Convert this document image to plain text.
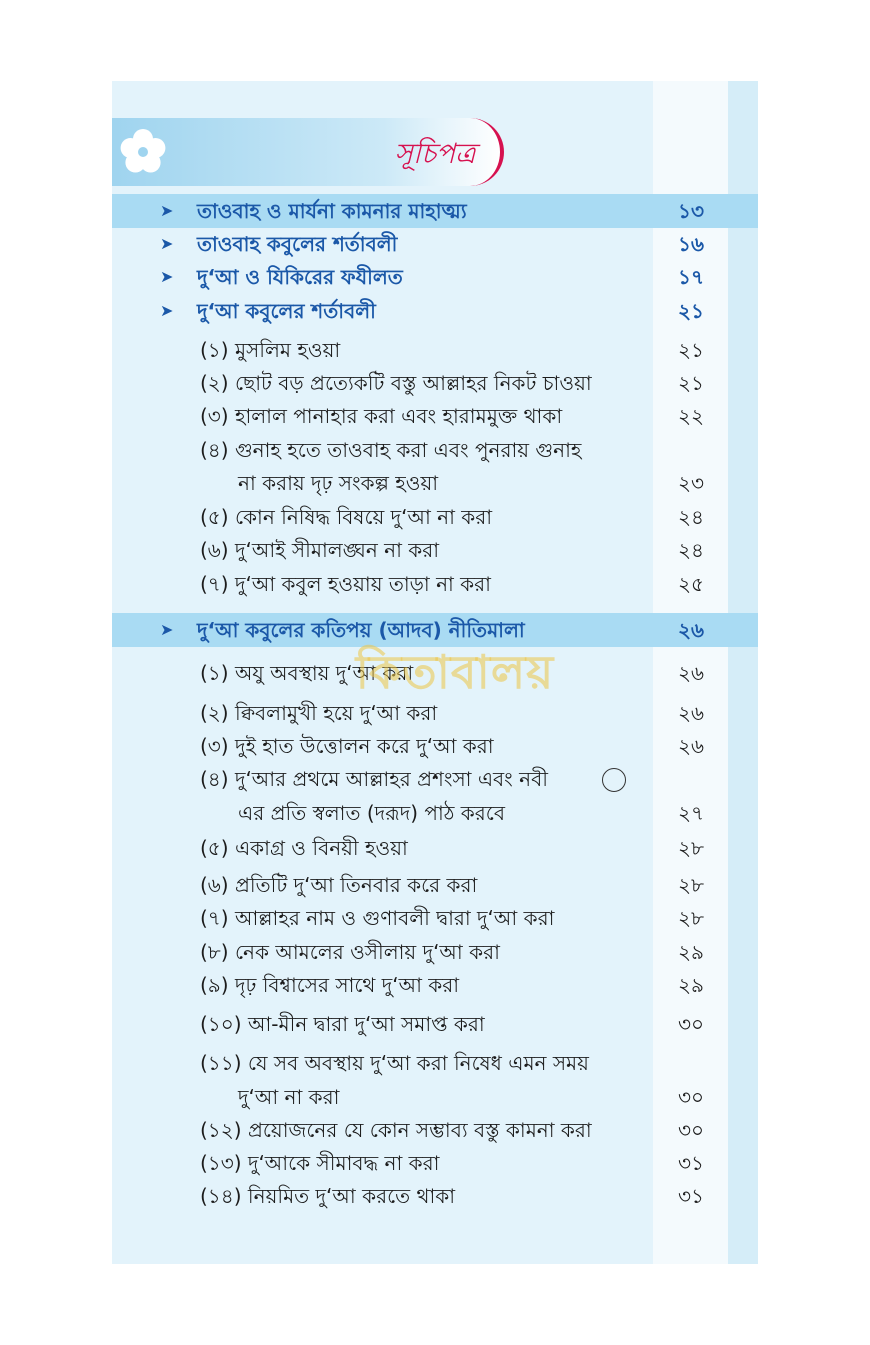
সূচিপত্র
➤ তাওবাহ ও মার্যনা কামনার মাহাত্ম্য	১৩
➤ তাওবাহ কবুলের শর্তাবলী	১৬
➤ দু‘আ ও যিকিরের ফযীলত	১৭
➤ দু‘আ কবুলের শর্তাবলী	২১
(১) মুসলিম হওয়া	২১
(২) ছোট বড় প্রত্যেকটি বস্তু আল্লাহর নিকট চাওয়া	২১
(৩) হালাল পানাহার করা এবং হারামমুক্ত থাকা	২২
(৪) গুনাহ হতে তাওবাহ করা এবং পুনরায় গুনাহ
না করায় দৃঢ় সংকল্প হওয়া	২৩
(৫) কোন নিষিদ্ধ বিষয়ে দু‘আ না করা	২৪
(৬) দু‘আই সীমালঙ্ঘন না করা	২৪
(৭) দু‘আ কবুল হওয়ায় তাড়া না করা	২৫
➤ দু‘আ কবুলের কতিপয় (আদব) নীতিমালা	২৬
(১) অযু অবস্থায় দু‘আ করা	২৬
(২) ক্বিবলামুখী হয়ে দু‘আ করা	২৬
(৩) দুই হাত উত্তোলন করে দু‘আ করা	২৬
(৪) দু‘আর প্রথমে আল্লাহর প্রশংসা এবং নবী
এর প্রতি স্বলাত (দরূদ) পাঠ করবে	২৭
(৫) একাগ্র ও বিনয়ী হওয়া	২৮
(৬) প্রতিটি দু‘আ তিনবার করে করা	২৮
(৭) আল্লাহর নাম ও গুণাবলী দ্বারা দু‘আ করা	২৮
(৮) নেক আমলের ওসীলায় দু‘আ করা	২৯
(৯) দৃঢ় বিশ্বাসের সাথে দু‘আ করা	২৯
(১০) আ-মীন দ্বারা দু‘আ সমাপ্ত করা	৩০
(১১) যে সব অবস্থায় দু‘আ করা নিষেধ এমন সময়
দু‘আ না করা	৩০
(১২) প্রয়োজনের যে কোন সম্ভাব্য বস্তু কামনা করা	৩০
(১৩) দু‘আকে সীমাবদ্ধ না করা	৩১
(১৪) নিয়মিত দু‘আ করতে থাকা	৩১
কিতাবালয়
